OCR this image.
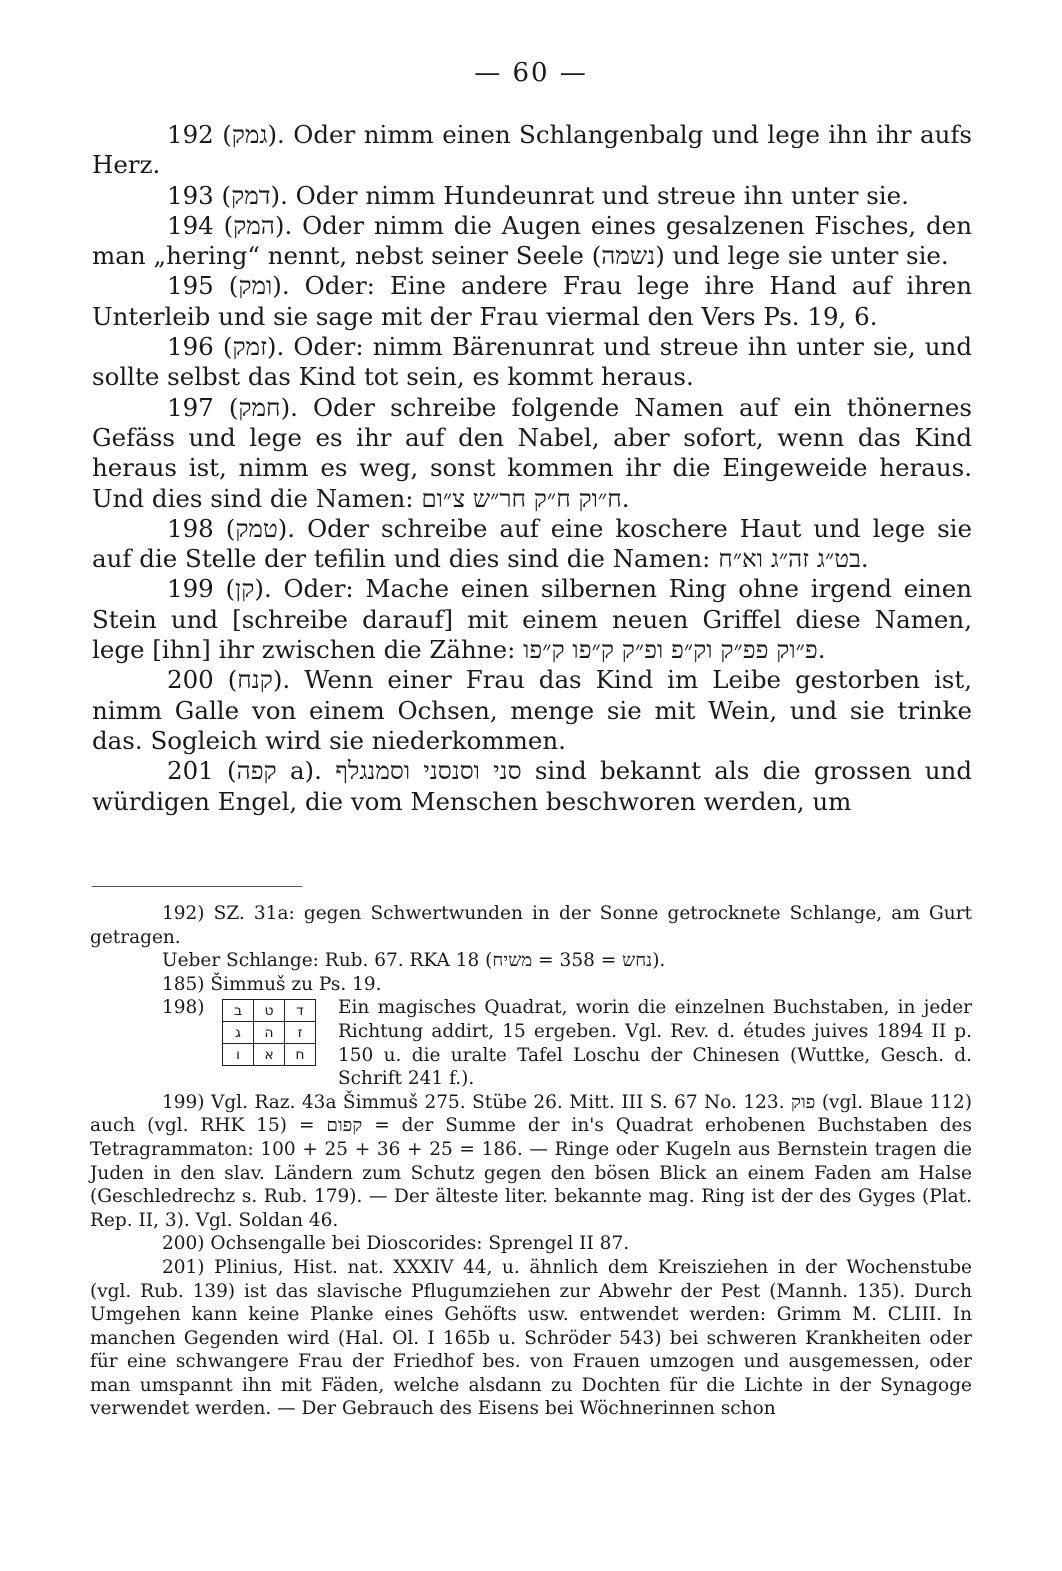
— 60 —

192 (גמק). Oder nimm einen Schlangenbalg und lege ihn ihr aufs Herz.

193 (דמק). Oder nimm Hundeunrat und streue ihn unter sie.

194 (המק). Oder nimm die Augen eines gesalzenen Fisches, den man „hering“ nennt, nebst seiner Seele (נשמה) und lege sie unter sie.

195 (ומק). Oder: Eine andere Frau lege ihre Hand auf ihren Unterleib und sie sage mit der Frau viermal den Vers Ps. 19, 6.

196 (זמק). Oder: nimm Bärenunrat und streue ihn unter sie, und sollte selbst das Kind tot sein, es kommt heraus.

197 (חמק). Oder schreibe folgende Namen auf ein thönernes Gefäss und lege es ihr auf den Nabel, aber sofort, wenn das Kind heraus ist, nimm es weg, sonst kommen ihr die Eingeweide heraus. Und dies sind die Namen: ח״וק ח״ק חר״ש צ״ום.

198 (טמק). Oder schreibe auf eine koschere Haut und lege sie auf die Stelle der tefilin und dies sind die Namen: בט״ג זה״ג וא״ח.

199 (קן). Oder: Mache einen silbernen Ring ohne irgend einen Stein und [schreibe darauf] mit einem neuen Griffel diese Namen, lege [ihn] ihr zwischen die Zähne: פ״וק פפ״ק וק״פ ופ״ק ק״פו ק״פו.

200 (קנח). Wenn einer Frau das Kind im Leibe gestorben ist, nimm Galle von einem Ochsen, menge sie mit Wein, und sie trinke das. Sogleich wird sie niederkommen.

201 (קפה a). סני וסנסני וסמנגלף sind bekannt als die grossen und würdigen Engel, die vom Menschen beschworen werden, um

192) SZ. 31a: gegen Schwertwunden in der Sonne getrocknete Schlange, am Gurt getragen.

Ueber Schlange: Rub. 67. RKA 18 (נחש = 358 = משיח).

185) Šimmuš zu Ps. 19.

198)	ב	ט	ד
ג	ה	ז
ו	א	ח
Ein magisches Quadrat, worin die einzelnen Buchstaben, in jeder Richtung addirt, 15 ergeben. Vgl. Rev. d. études juives 1894 II p. 150 u. die uralte Tafel Loschu der Chinesen (Wuttke, Gesch. d. Schrift 241 f.).

199) Vgl. Raz. 43a Šimmuš 275. Stübe 26. Mitt. III S. 67 No. 123. פוק (vgl. Blaue 112) auch (vgl. RHK 15) = קפום = der Summe der in's Quadrat erhobenen Buchstaben des Tetragrammaton: 100 + 25 + 36 + 25 = 186. — Ringe oder Kugeln aus Bernstein tragen die Juden in den slav. Ländern zum Schutz gegen den bösen Blick an einem Faden am Halse (Geschledrechz s. Rub. 179). — Der älteste liter. bekannte mag. Ring ist der des Gyges (Plat. Rep. II, 3). Vgl. Soldan 46.

200) Ochsengalle bei Dioscorides: Sprengel II 87.

201) Plinius, Hist. nat. XXXIV 44, u. ähnlich dem Kreisziehen in der Wochenstube (vgl. Rub. 139) ist das slavische Pflugumziehen zur Abwehr der Pest (Mannh. 135). Durch Umgehen kann keine Planke eines Gehöfts usw. entwendet werden: Grimm M. CLIII. In manchen Gegenden wird (Hal. Ol. I 165b u. Schröder 543) bei schweren Krankheiten oder für eine schwangere Frau der Friedhof bes. von Frauen umzogen und ausgemessen, oder man umspannt ihn mit Fäden, welche alsdann zu Dochten für die Lichte in der Synagoge verwendet werden. — Der Gebrauch des Eisens bei Wöchnerinnen schon
